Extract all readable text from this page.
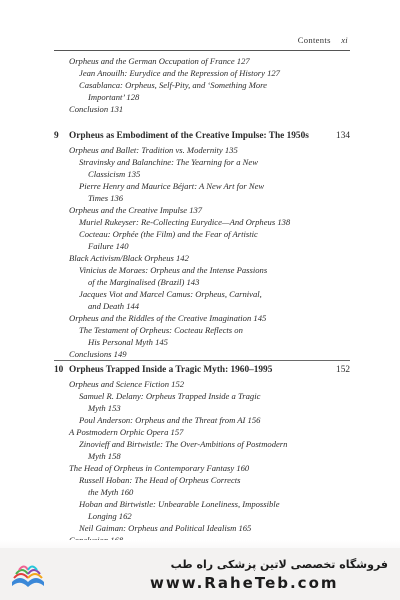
Contents xi
Orpheus and the German Occupation of France 127
Jean Anouilh: Eurydice and the Repression of History 127
Casablanca: Orpheus, Self-Pity, and ‘Something More
Important’ 128
Conclusion 131
9 Orpheus as Embodiment of the Creative Impulse: The 1950s	134
Orpheus and Ballet: Tradition vs. Modernity 135
Stravinsky and Balanchine: The Yearning for a New
Classicism 135
Pierre Henry and Maurice Béjart: A New Art for New
Times 136
Orpheus and the Creative Impulse 137
Muriel Rukeyser: Re-Collecting Eurydice—And Orpheus 138
Cocteau: Orphée (the Film) and the Fear of Artistic
Failure 140
Black Activism/Black Orpheus 142
Vinicius de Moraes: Orpheus and the Intense Passions
of the Marginalised (Brazil) 143
Jacques Viot and Marcel Camus: Orpheus, Carnival,
and Death 144
Orpheus and the Riddles of the Creative Imagination 145
The Testament of Orpheus: Cocteau Reflects on
His Personal Myth 145
Conclusions 149
10 Orpheus Trapped Inside a Tragic Myth: 1960–1995	152
Orpheus and Science Fiction 152
Samuel R. Delany: Orpheus Trapped Inside a Tragic
Myth 153
Poul Anderson: Orpheus and the Threat from AI 156
A Postmodern Orphic Opera 157
Zinovieff and Birtwistle: The Over-Ambitions of Postmodern
Myth 158
The Head of Orpheus in Contemporary Fantasy 160
Russell Hoban: The Head of Orpheus Corrects
the Myth 160
Hoban and Birtwistle: Unbearable Loneliness, Impossible
Longing 162
Neil Gaiman: Orpheus and Political Idealism 165
فروشگاه تخصصی لاتین پزشکی راه طب
www.RaheTeb.com
